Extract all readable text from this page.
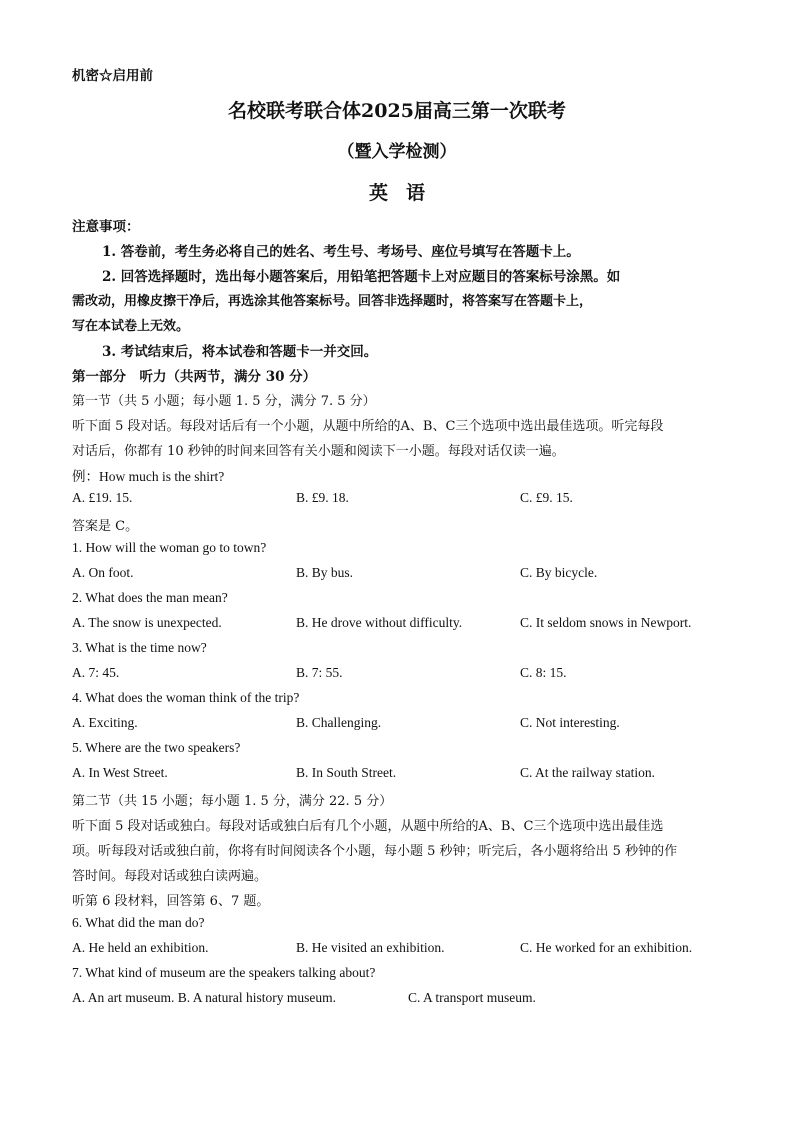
机密☆启用前
名校联考联合体2025届高三第一次联考
（暨入学检测）
英语
注意事项：
1. 答卷前，考生务必将自己的姓名、考生号、考场号、座位号填写在答题卡上。
2. 回答选择题时，选出每小题答案后，用铅笔把答题卡上对应题目的答案标号涂黑。如
需改动，用橡皮擦干净后，再选涂其他答案标号。回答非选择题时，将答案写在答题卡上，
写在本试卷上无效。
3. 考试结束后，将本试卷和答题卡一并交回。
第一部分　听力（共两节，满分 30 分）
第一节（共 5 小题；每小题 1. 5 分，满分 7. 5 分）
听下面 5 段对话。每段对话后有一个小题，从题中所给的A、B、C三个选项中选出最佳选项。听完每段
对话后，你都有 10 秒钟的时间来回答有关小题和阅读下一小题。每段对话仅读一遍。
例：How much is the shirt?
A. £19. 15.	B. £9. 18.	C. £9. 15.
答案是 C。
1. How will the woman go to town?
A. On foot.	B. By bus.	C. By bicycle.
2. What does the man mean?
A. The snow is unexpected.	B. He drove without difficulty.	C. It seldom snows in Newport.
3. What is the time now?
A. 7: 45.	B. 7: 55.	C. 8: 15.
4. What does the woman think of the trip?
A. Exciting.	B. Challenging.	C. Not interesting.
5. Where are the two speakers?
A. In West Street.	B. In South Street.	C. At the railway station.
第二节（共 15 小题；每小题 1. 5 分，满分 22. 5 分）
听下面 5 段对话或独白。每段对话或独白后有几个小题，从题中所给的A、B、C三个选项中选出最佳选
项。听每段对话或独白前，你将有时间阅读各个小题，每小题 5 秒钟；听完后，各小题将给出 5 秒钟的作
答时间。每段对话或独白读两遍。
听第 6 段材料，回答第 6、7 题。
6. What did the man do?
A. He held an exhibition.	B. He visited an exhibition.	C. He worked for an exhibition.
7. What kind of museum are the speakers talking about?
A. An art museum. B. A natural history museum.	C. A transport museum.
